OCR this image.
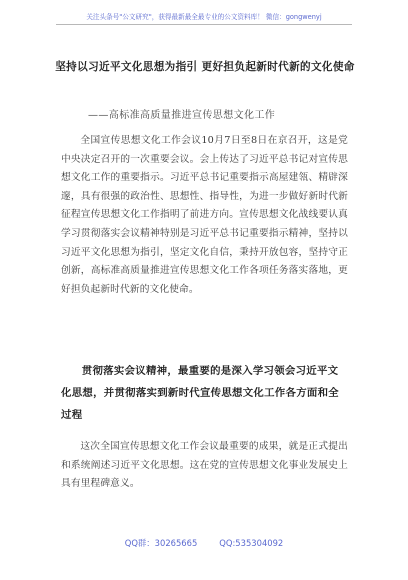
关注头条号"公文研究"，获得最新最全最专业的公文资料库！ 微信：gongwenyj
坚持以习近平文化思想为指引 更好担负起新时代新的文化使命
——高标准高质量推进宣传思想文化工作
全国宣传思想文化工作会议10月7日至8日在京召开，这是党中央决定召开的一次重要会议。会上传达了习近平总书记对宣传思想文化工作的重要指示。习近平总书记重要指示高屋建瓴、精辟深邃，具有很强的政治性、思想性、指导性，为进一步做好新时代新征程宣传思想文化工作指明了前进方向。宣传思想文化战线要认真学习贯彻落实会议精神特别是习近平总书记重要指示精神，坚持以习近平文化思想为指引，坚定文化自信，秉持开放包容，坚持守正创新，高标准高质量推进宣传思想文化工作各项任务落实落地，更好担负起新时代新的文化使命。
贯彻落实会议精神，最重要的是深入学习领会习近平文化思想，并贯彻落实到新时代宣传思想文化工作各方面和全过程
这次全国宣传思想文化工作会议最重要的成果，就是正式提出和系统阐述习近平文化思想。这在党的宣传思想文化事业发展史上具有里程碑意义。
QQ群：30265665	QQ:535304092
